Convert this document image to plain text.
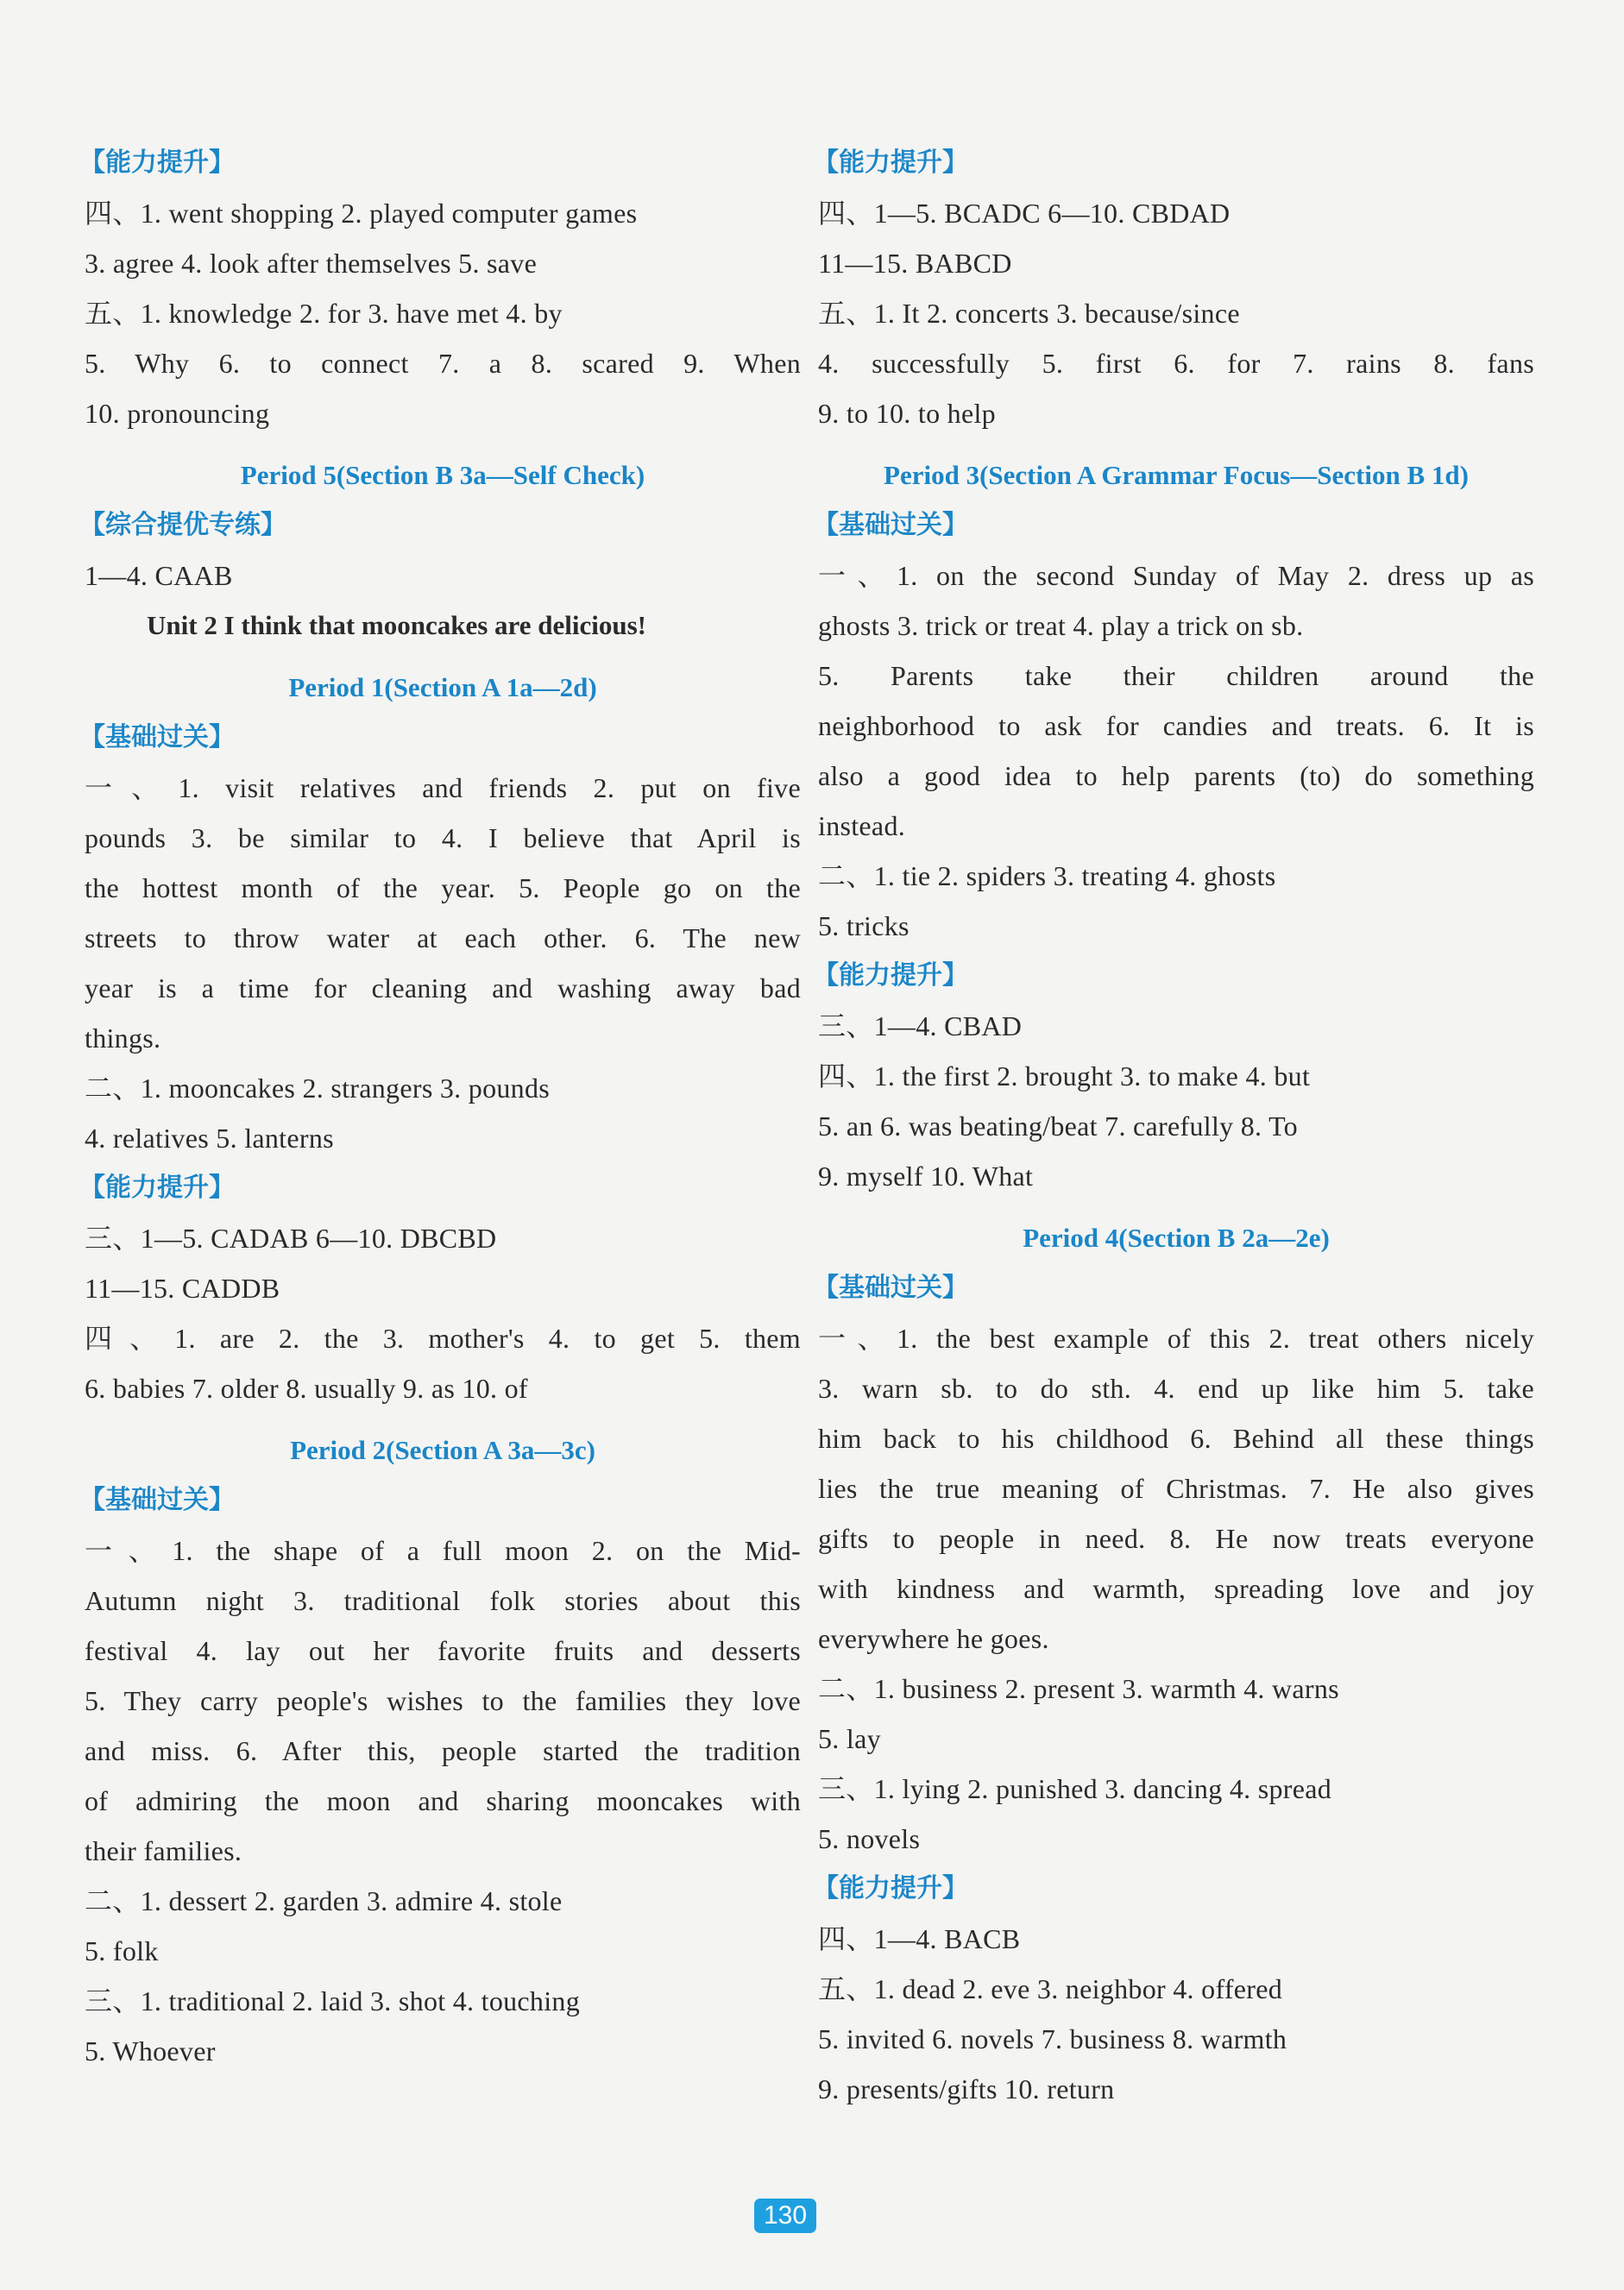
【能力提升】
四、1. went shopping 2. played computer games
3. agree 4. look after themselves 5. save
五、1. knowledge 2. for 3. have met 4. by
5. Why 6. to connect 7. a 8. scared 9. When
10. pronouncing
Period 5(Section B 3a—Self Check)
【综合提优专练】
1—4. CAAB
Unit 2 I think that mooncakes are delicious!
Period 1(Section A 1a—2d)
【基础过关】
一、1. visit relatives and friends 2. put on five
pounds 3. be similar to 4. I believe that April is
the hottest month of the year. 5. People go on the
streets to throw water at each other. 6. The new
year is a time for cleaning and washing away bad
things.
二、1. mooncakes 2. strangers 3. pounds
4. relatives 5. lanterns
【能力提升】
三、1—5. CADAB 6—10. DBCBD
11—15. CADDB
四、1. are 2. the 3. mother's 4. to get 5. them
6. babies 7. older 8. usually 9. as 10. of
Period 2(Section A 3a—3c)
【基础过关】
一、1. the shape of a full moon 2. on the Mid-
Autumn night 3. traditional folk stories about this
festival 4. lay out her favorite fruits and desserts
5. They carry people's wishes to the families they love
and miss. 6. After this, people started the tradition
of admiring the moon and sharing mooncakes with
their families.
二、1. dessert 2. garden 3. admire 4. stole
5. folk
三、1. traditional 2. laid 3. shot 4. touching
5. Whoever
【能力提升】
四、1—5. BCADC 6—10. CBDAD
11—15. BABCD
五、1. It 2. concerts 3. because/since
4. successfully 5. first 6. for 7. rains 8. fans
9. to 10. to help
Period 3(Section A Grammar Focus—Section B 1d)
【基础过关】
一、1. on the second Sunday of May 2. dress up as
ghosts 3. trick or treat 4. play a trick on sb.
5. Parents take their children around the
neighborhood to ask for candies and treats. 6. It is
also a good idea to help parents (to) do something
instead.
二、1. tie 2. spiders 3. treating 4. ghosts
5. tricks
【能力提升】
三、1—4. CBAD
四、1. the first 2. brought 3. to make 4. but
5. an 6. was beating/beat 7. carefully 8. To
9. myself 10. What
Period 4(Section B 2a—2e)
【基础过关】
一、1. the best example of this 2. treat others nicely
3. warn sb. to do sth. 4. end up like him 5. take
him back to his childhood 6. Behind all these things
lies the true meaning of Christmas. 7. He also gives
gifts to people in need. 8. He now treats everyone
with kindness and warmth, spreading love and joy
everywhere he goes.
二、1. business 2. present 3. warmth 4. warns
5. lay
三、1. lying 2. punished 3. dancing 4. spread
5. novels
【能力提升】
四、1—4. BACB
五、1. dead 2. eve 3. neighbor 4. offered
5. invited 6. novels 7. business 8. warmth
9. presents/gifts 10. return
130
